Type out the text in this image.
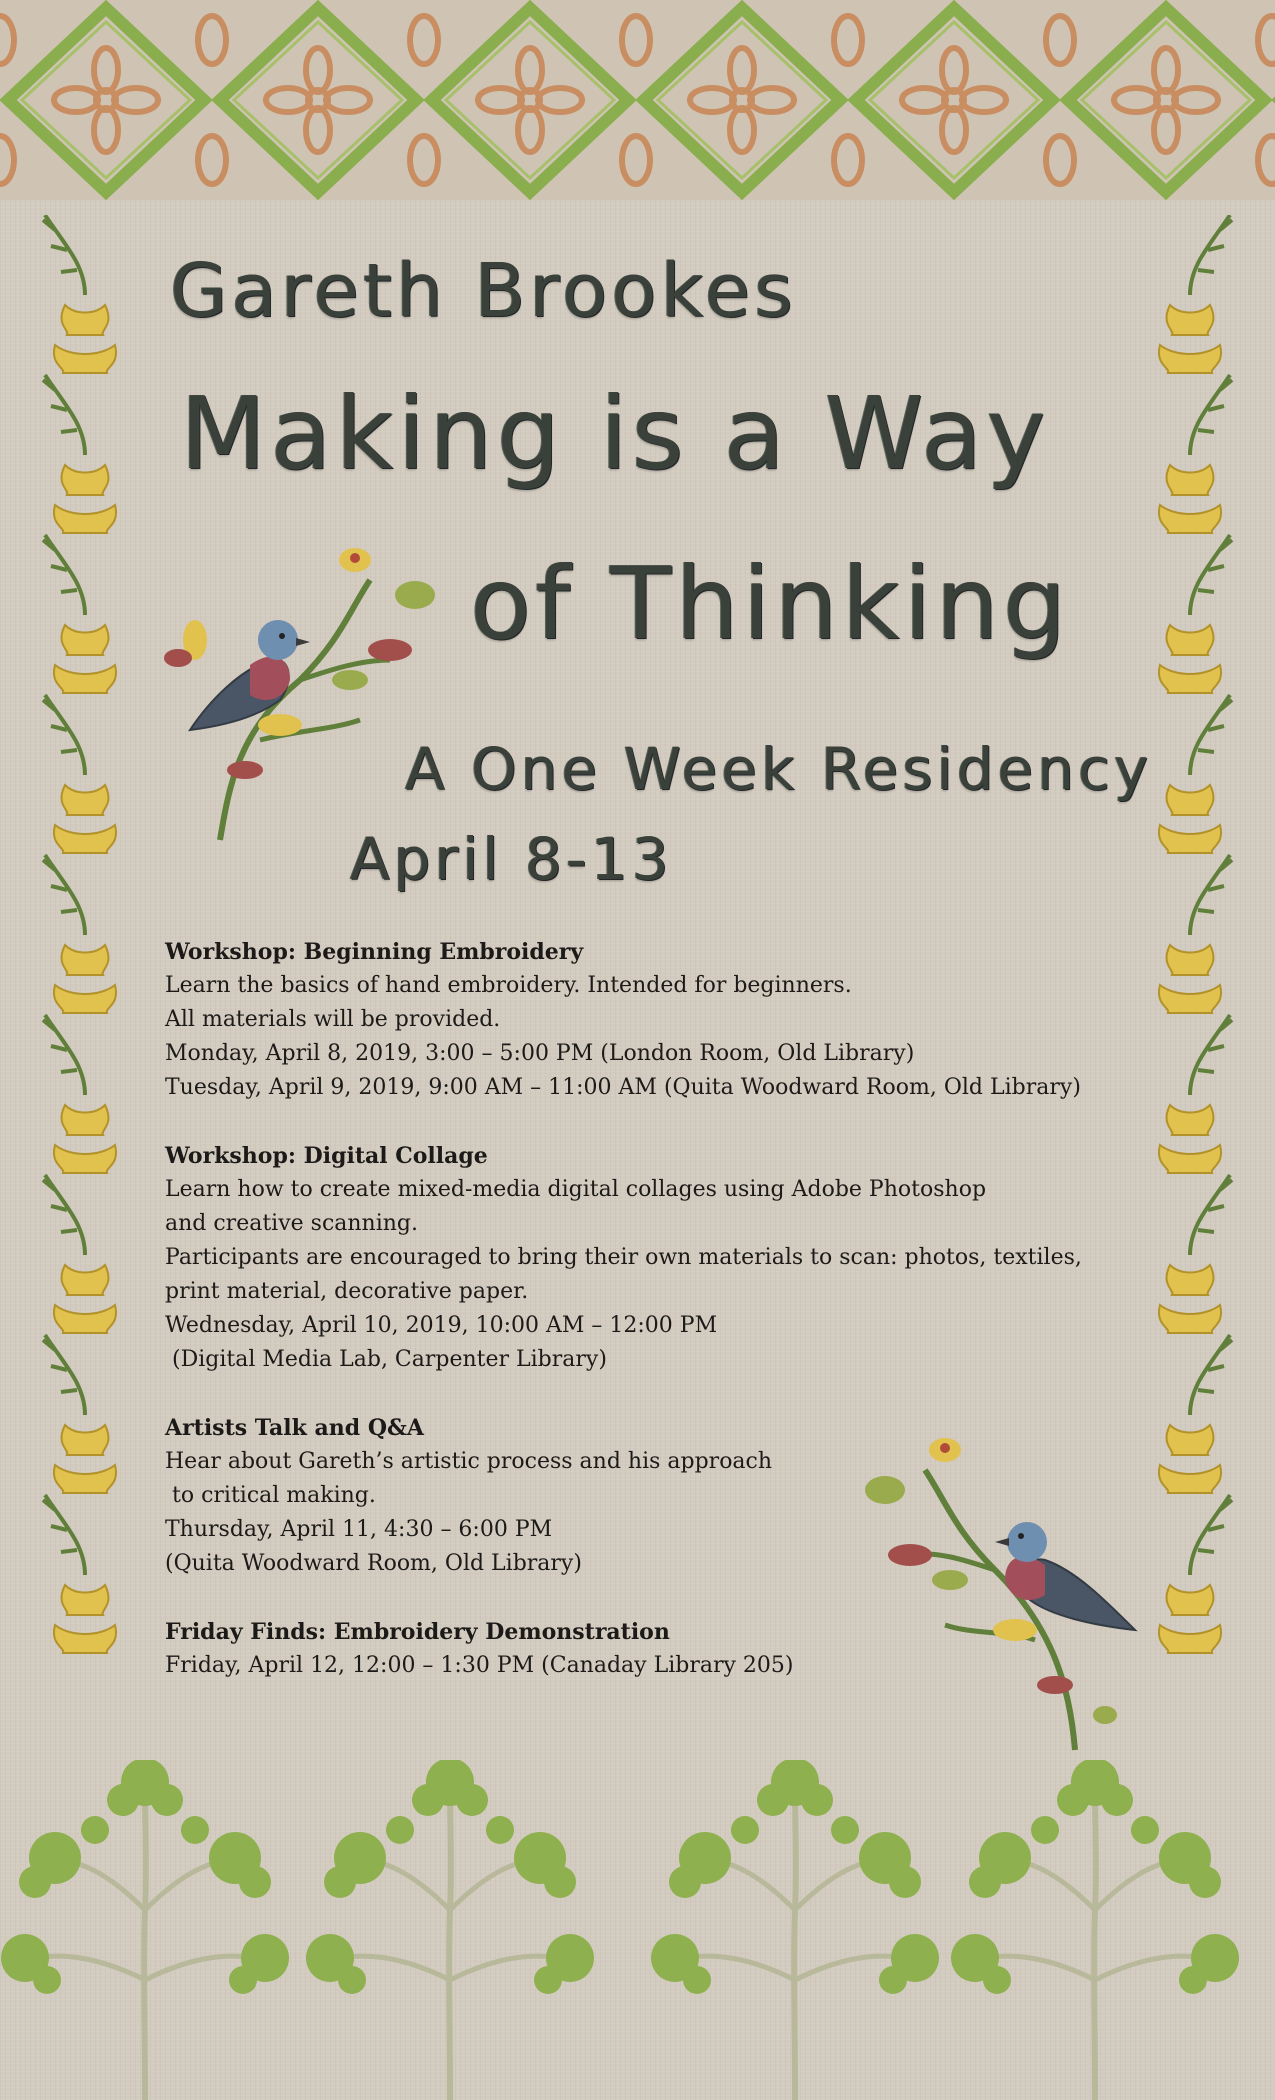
Gareth Brookes
Making is a Way
of Thinking
A One Week Residency
April 8-13
Workshop: Beginning Embroidery
Learn the basics of hand embroidery. Intended for beginners.
All materials will be provided.
Monday, April 8, 2019, 3:00 – 5:00 PM (London Room, Old Library)
Tuesday, April 9, 2019, 9:00 AM – 11:00 AM (Quita Woodward Room, Old Library)
Workshop: Digital Collage
Learn how to create mixed-media digital collages using Adobe Photoshop
and creative scanning.
Participants are encouraged to bring their own materials to scan: photos, textiles,
print material, decorative paper.
Wednesday, April 10, 2019, 10:00 AM – 12:00 PM
(Digital Media Lab, Carpenter Library)
Artists Talk and Q&A
Hear about Gareth’s artistic process and his approach
to critical making.
Thursday, April 11, 4:30 – 6:00 PM
(Quita Woodward Room, Old Library)
Friday Finds: Embroidery Demonstration
Friday, April 12, 12:00 – 1:30 PM (Canaday Library 205)
